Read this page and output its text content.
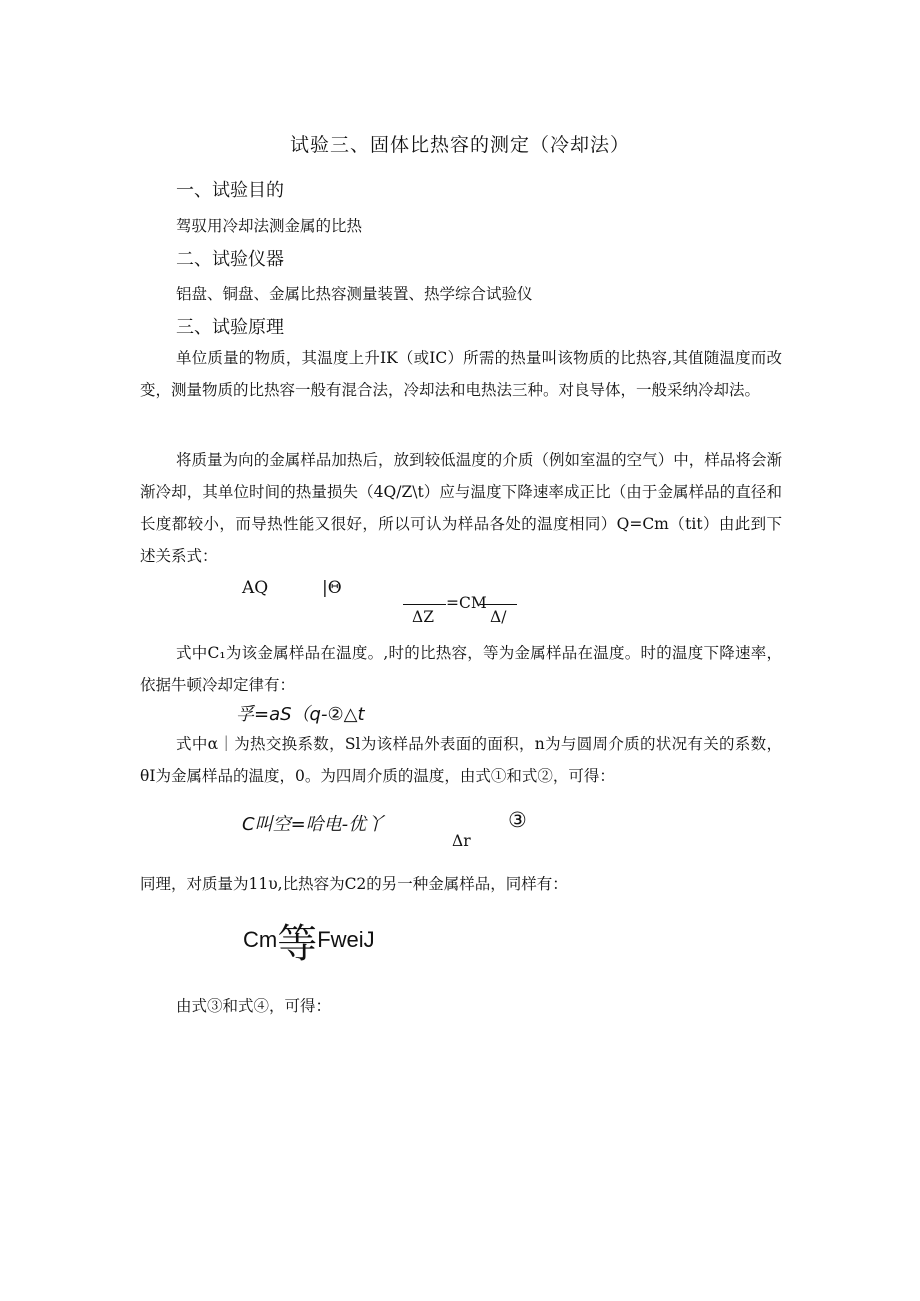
试验三、固体比热容的测定（冷却法）
一、试验目的
驾驭用冷却法测金属的比热
二、试验仪器
铝盘、铜盘、金属比热容测量装置、热学综合试验仪
三、试验原理
单位质量的物质，其温度上升IK（或IC）所需的热量叫该物质的比热容,其值随温度而改变，测量物质的比热容一般有混合法，冷却法和电热法三种。对良导体，一般采纳冷却法。
将质量为向的金属样品加热后，放到较低温度的介质（例如室温的空气）中，样品将会渐渐冷却，其单位时间的热量损失（4Q/Z\t）应与温度下降速率成正比（由于金属样品的直径和长度都较小，而导热性能又很好，所以可认为样品各处的温度相同）Q=Cm（tit）由此到下述关系式：
AQ	|Θ
=CM
ΔZ	Δ/
式中C₁为该金属样品在温度。,时的比热容，等为金属样品在温度。时的温度下降速率，依据牛顿冷却定律有：
孚=aS（q-②△t
式中α｜为热交换系数，Sl为该样品外表面的面积，n为与圆周介质的状况有关的系数，θI为金属样品的温度，0。为四周介质的温度，由式①和式②，可得：
C叫空=哈电-优丫	③
Δr
同理，对质量为11υ,比热容为C2的另一种金属样品，同样有：
Cm 等 FweiJ
由式③和式④，可得：
